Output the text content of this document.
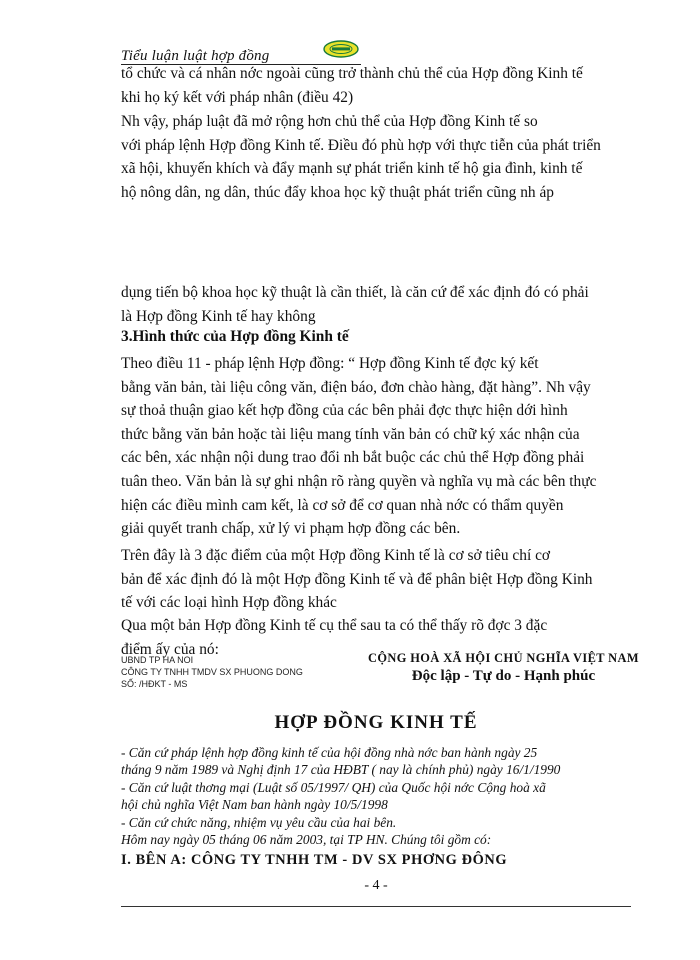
Tiểu luận luật hợp đồng
tổ chức và cá nhân nớc ngoài cũng trở thành chủ thể của Hợp đồng Kinh tế
khi họ ký kết với pháp nhân (điều 42)
Nh vậy, pháp luật đã mở rộng hơn chủ thể của Hợp đồng Kinh tế so
với pháp lệnh Hợp đồng Kinh tế. Điều đó phù hợp với thực tiễn của phát triển
xã hội, khuyến khích và đẩy mạnh sự phát triển kinh tế hộ gia đình, kinh tế
hộ nông dân, ng dân, thúc đẩy khoa học kỹ thuật phát triển cũng nh áp
dụng tiến bộ khoa học kỹ thuật là cần thiết, là căn cứ để xác định đó có phải
là Hợp đồng Kinh tế hay không
3.Hình thức của Hợp đồng Kinh tế
Theo điều 11 - pháp lệnh Hợp đồng: “ Hợp đồng Kinh tế đợc ký kết
bằng văn bản, tài liệu công văn, điện báo, đơn chào hàng, đặt hàng”. Nh vậy
sự thoả thuận giao kết hợp đồng của các bên phải đợc thực hiện dới hình
thức bằng văn bản hoặc tài liệu mang tính văn bản có chữ ký xác nhận của
các bên, xác nhận nội dung trao đổi nh bắt buộc các chủ thể Hợp đồng phải
tuân theo. Văn bản là sự ghi nhận rõ ràng quyền và nghĩa vụ mà các bên thực
hiện các điều mình cam kết, là cơ sở để cơ quan nhà nớc có thẩm quyền
giải quyết tranh chấp, xử lý vi phạm hợp đồng các bên.
Trên đây là 3 đặc điểm của một Hợp đồng Kinh tế là cơ sở tiêu chí cơ
bản để xác định đó là một Hợp đồng Kinh tế và để phân biệt Hợp đồng Kinh
tế với các loại hình Hợp đồng khác
Qua một bản Hợp đồng Kinh tế cụ thể sau ta có thể thấy rõ đợc 3 đặc
điểm ấy của nó:
UBND TP HA NOI
CÔNG TY TNHH TMDV SX PHUONG DONG
SỐ: /HĐKT - MS
CỘNG HOÀ XÃ HỘI CHỦ NGHĨA VIỆT NAM
Độc lập - Tự do - Hạnh phúc
HỢP ĐỒNG KINH TẾ
- Căn cứ pháp lệnh hợp đồng kinh tế của hội đồng nhà nớc ban hành ngày 25
tháng 9 năm 1989 và Nghị định 17 của HĐBT ( nay là chính phủ) ngày 16/1/1990
- Căn cứ luật thơng mại (Luật số 05/1997/ QH) của Quốc hội nớc Cộng hoà xã
hội chủ nghĩa Việt Nam ban hành ngày 10/5/1998
- Căn cứ chức năng, nhiệm vụ yêu cầu của hai bên.
Hôm nay ngày 05 tháng 06 năm 2003, tại TP HN. Chúng tôi gồm có:
I. BÊN A: CÔNG TY TNHH TM - DV SX PHƠNG ĐÔNG
- 4 -
